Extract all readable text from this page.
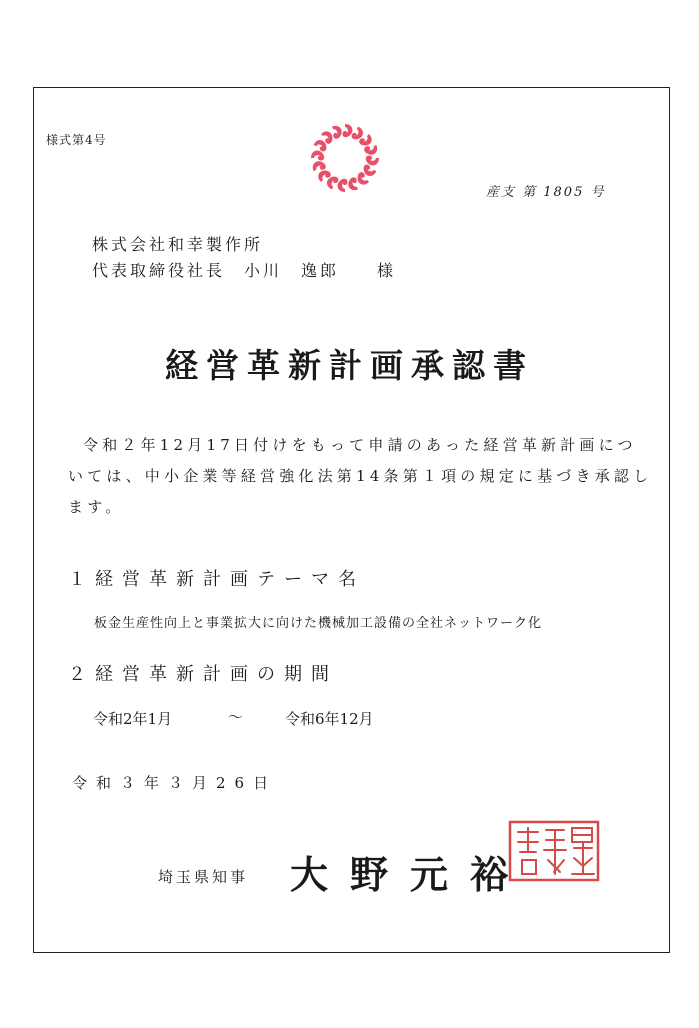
様式第4号
産支 第 1805 号
株式会社和幸製作所
代表取締役社長　小川　逸郎　　様
経営革新計画承認書
令和２年12月17日付けをもって申請のあった経営革新計画については、中小企業等経営強化法第14条第１項の規定に基づき承認します。
１経営革新計画テーマ名
板金生産性向上と事業拡大に向けた機械加工設備の全社ネットワーク化
２経営革新計画の期間
令和2年1月	～	令和6年12月
令和３年３月26日
埼玉県知事 大野元裕
